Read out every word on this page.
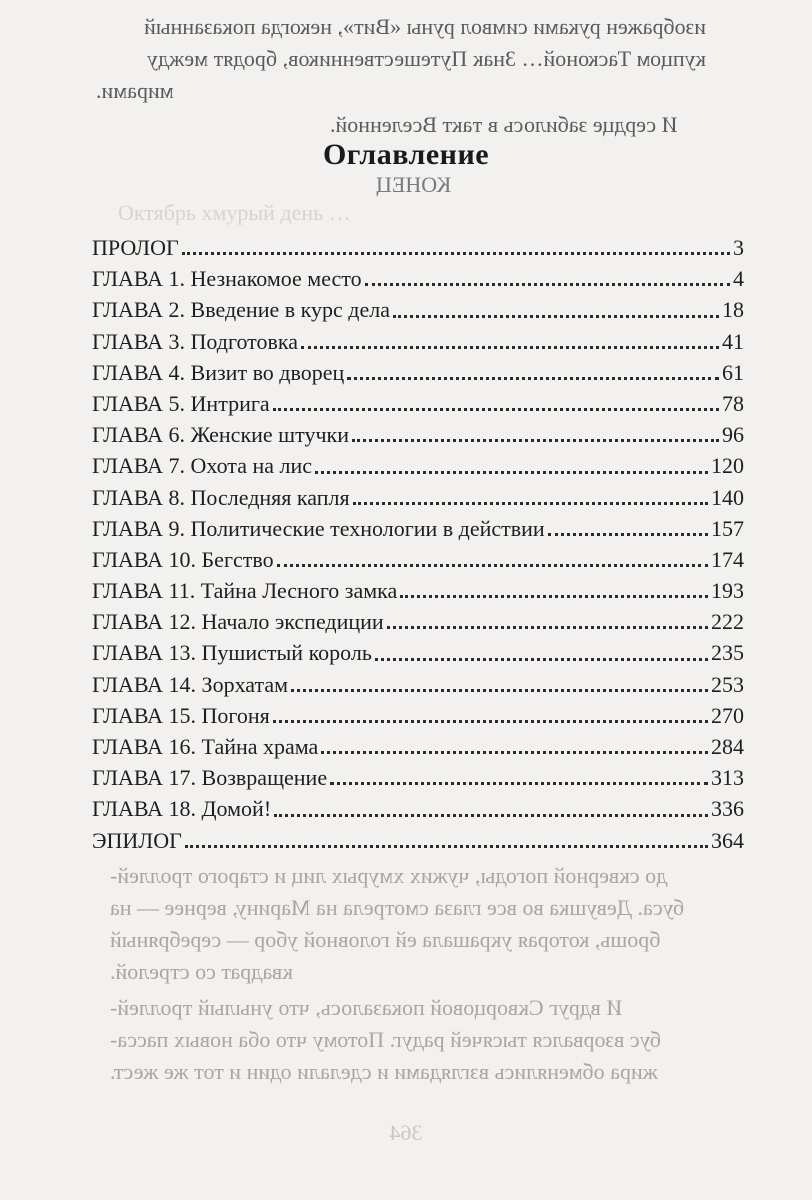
Октябрь хмурый день …
изображен руками символ руны «Вит», некогда показанный
купцом Тасконой… Знак Путешественников, бродят между
мирами.
И сердце забилось в такт Вселенной.
КОНЕЦ
Оглавление
ПРОЛОГ	3
ГЛАВА 1. Незнакомое место	4
ГЛАВА 2. Введение в курс дела	18
ГЛАВА 3. Подготовка	41
ГЛАВА 4. Визит во дворец	61
ГЛАВА 5. Интрига	78
ГЛАВА 6. Женские штучки	96
ГЛАВА 7. Охота на лис	120
ГЛАВА 8. Последняя капля	140
ГЛАВА 9. Политические технологии в действии	157
ГЛАВА 10. Бегство	174
ГЛАВА 11. Тайна Лесного замка	193
ГЛАВА 12. Начало экспедиции	222
ГЛАВА 13. Пушистый король	235
ГЛАВА 14. Зорхатам	253
ГЛАВА 15. Погоня	270
ГЛАВА 16. Тайна храма	284
ГЛАВА 17. Возвращение	313
ГЛАВА 18. Домой!	336
ЭПИЛОГ	364
до скверной погоды, чужих хмурых лиц и старого троллей-
буса. Девушка во все глаза смотрела на Марину, вернее — на
брошь, которая украшала ей головной убор — серебряный
квадрат со стрелой.
И вдруг Скворцовой показалось, что унылый троллей-
бус взорвался тысячей радуг. Потому что оба новых пасса-
жира обменялись взглядами и сделали один и тот же жест.
364
